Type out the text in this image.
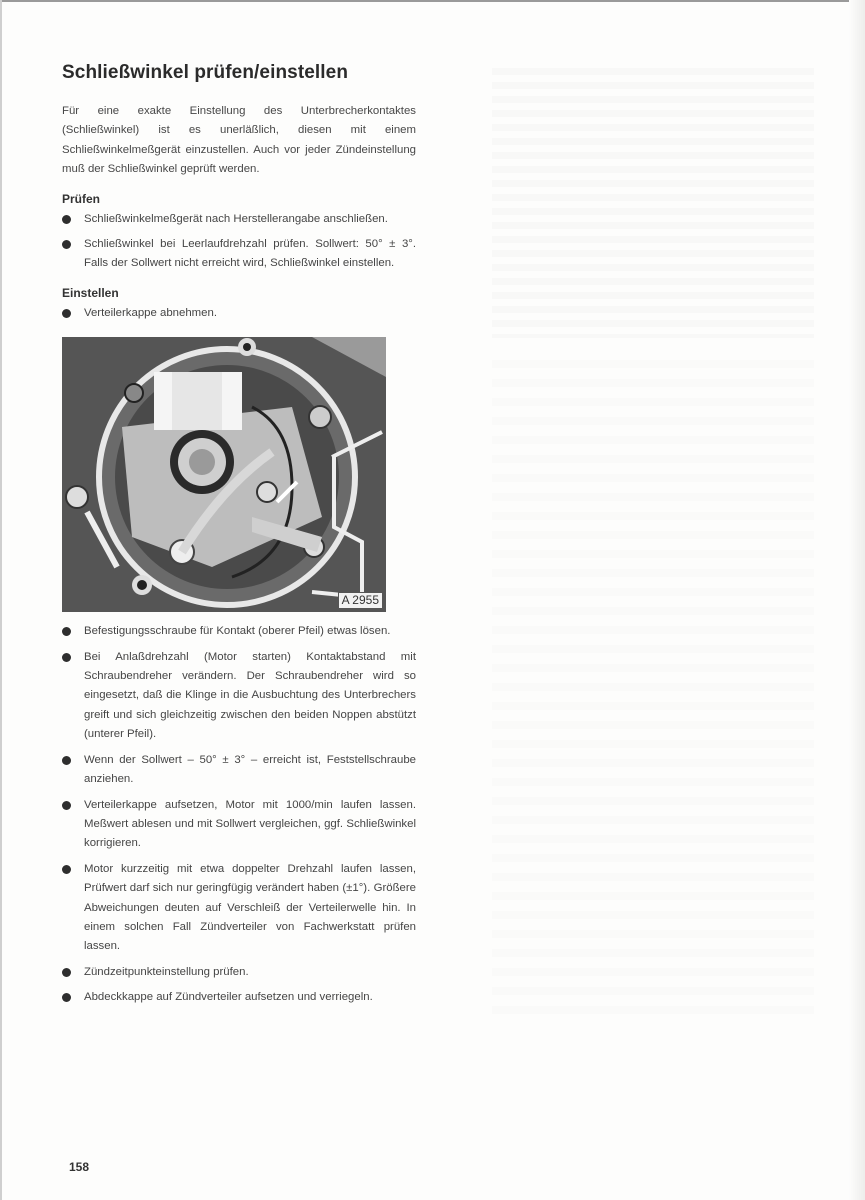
Schließwinkel prüfen/einstellen

Für eine exakte Einstellung des Unterbrecherkontaktes (Schließwinkel) ist es unerläßlich, diesen mit einem Schließwinkelmeßgerät einzustellen. Auch vor jeder Zündeinstellung muß der Schließwinkel geprüft werden.

Prüfen
Schließwinkelmeßgerät nach Herstellerangabe anschließen.
Schließwinkel bei Leerlaufdrehzahl prüfen. Sollwert: 50° ± 3°. Falls der Sollwert nicht erreicht wird, Schließwinkel einstellen.
Einstellen
Verteilerkappe abnehmen.
A 2955
Befestigungsschraube für Kontakt (oberer Pfeil) etwas lösen.
Bei Anlaßdrehzahl (Motor starten) Kontaktabstand mit Schraubendreher verändern. Der Schraubendreher wird so eingesetzt, daß die Klinge in die Ausbuchtung des Unterbrechers greift und sich gleichzeitig zwischen den beiden Noppen abstützt (unterer Pfeil).
Wenn der Sollwert – 50° ± 3° – erreicht ist, Feststellschraube anziehen.
Verteilerkappe aufsetzen, Motor mit 1000/min laufen lassen. Meßwert ablesen und mit Sollwert vergleichen, ggf. Schließwinkel korrigieren.
Motor kurzzeitig mit etwa doppelter Drehzahl laufen lassen, Prüfwert darf sich nur geringfügig verändert haben (±1°). Größere Abweichungen deuten auf Verschleiß der Verteilerwelle hin. In einem solchen Fall Zündverteiler von Fachwerkstatt prüfen lassen.
Zündzeitpunkteinstellung prüfen.
Abdeckkappe auf Zündverteiler aufsetzen und verriegeln.
158
